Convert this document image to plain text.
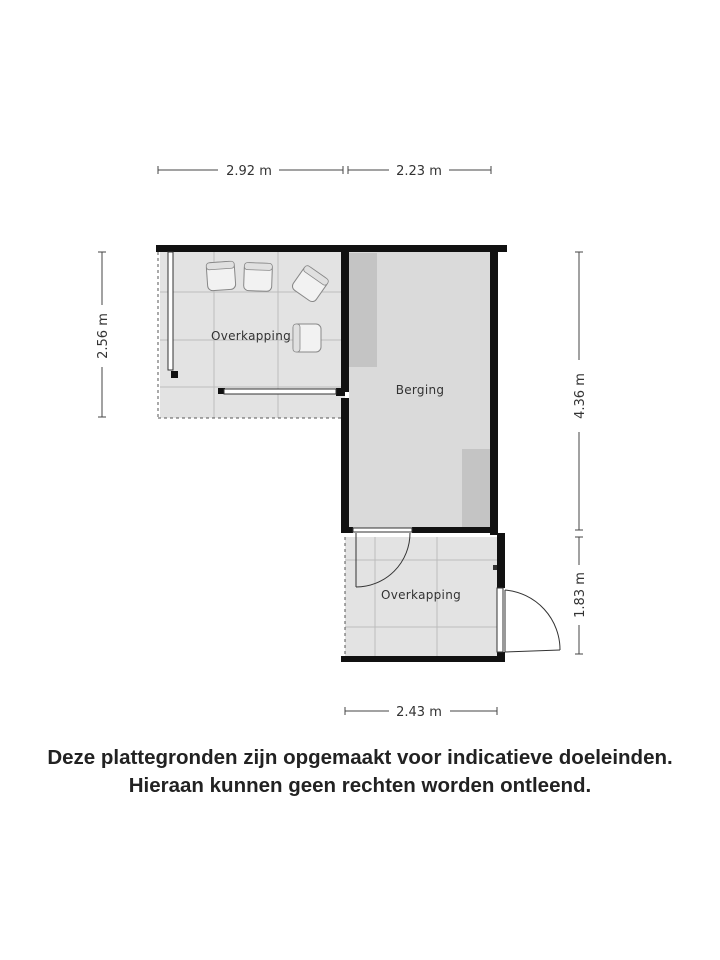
Overkapping
Berging
Overkapping
2.92 m	2.23 m
2.56 m
4.36 m
1.83 m
2.43 m
Deze plattegronden zijn opgemaakt voor indicatieve doeleinden.
Hieraan kunnen geen rechten worden ontleend.
